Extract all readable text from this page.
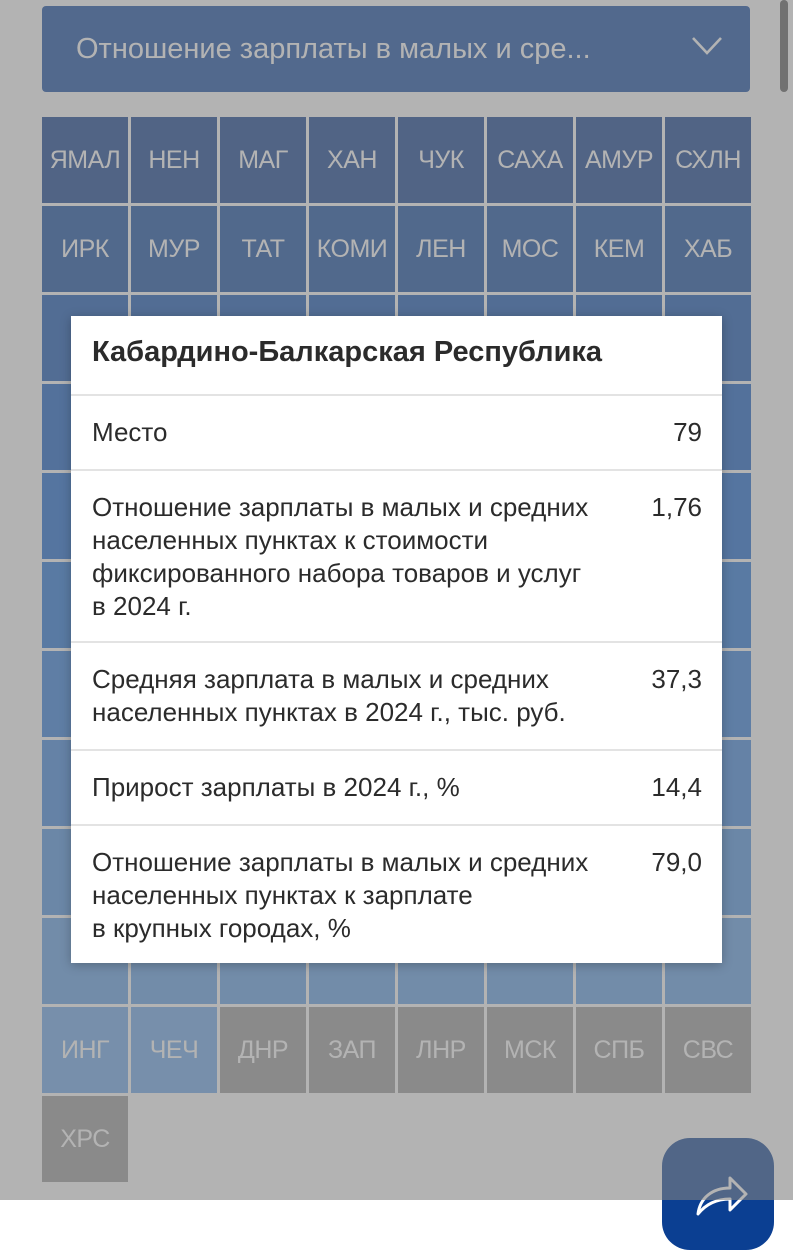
Кабардино-Балкарская Республика
Место	79
Отношение зарплаты в малых и средних
населенных пунктах к стоимости
фиксированного набора товаров и услуг
в 2024 г.
1,76
Средняя зарплата в малых и средних
населенных пунктах в 2024 г., тыс. руб.
37,3
Прирост зарплаты в 2024 г., %	14,4
Отношение зарплаты в малых и средних
населенных пунктах к зарплате
в крупных городах, %
79,0
